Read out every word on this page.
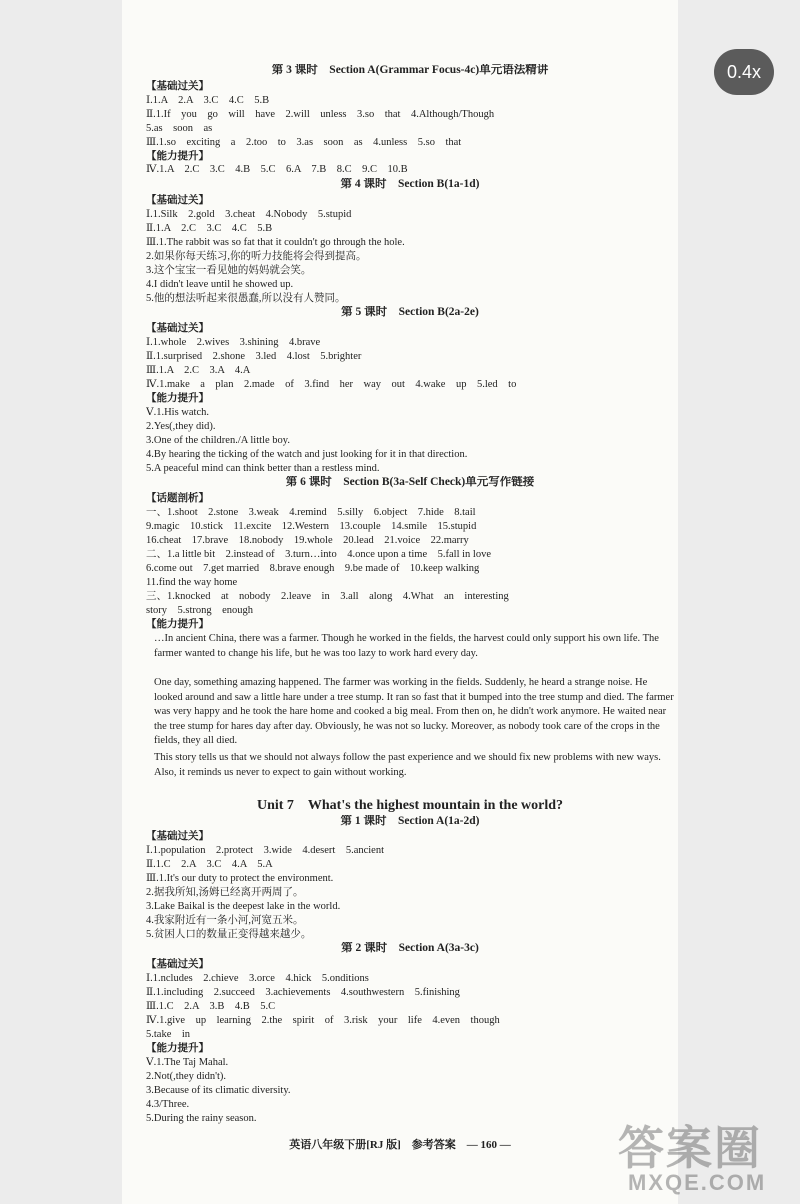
第 3 课时　Section A(Grammar Focus-4c)单元语法精讲
【基础过关】
Ⅰ.1.A　2.A　3.C　4.C　5.B
Ⅱ.1.If　you　go　will　have　2.will　unless　3.so　that　4.Although/Though
5.as　soon　as
Ⅲ.1.so　exciting　a　2.too　to　3.as　soon　as　4.unless　5.so　that
【能力提升】
Ⅳ.1.A　2.C　3.C　4.B　5.C　6.A　7.B　8.C　9.C　10.B
第 4 课时　Section B(1a-1d)
【基础过关】
Ⅰ.1.Silk　2.gold　3.cheat　4.Nobody　5.stupid
Ⅱ.1.A　2.C　3.C　4.C　5.B
Ⅲ.1.The rabbit was so fat that it couldn't go through the hole.
2.如果你每天练习,你的听力技能将会得到提高。
3.这个宝宝一看见她的妈妈就会笑。
4.I didn't leave until he showed up.
5.他的想法听起来很愚蠢,所以没有人赞同。
第 5 课时　Section B(2a-2e)
【基础过关】
Ⅰ.1.whole　2.wives　3.shining　4.brave
Ⅱ.1.surprised　2.shone　3.led　4.lost　5.brighter
Ⅲ.1.A　2.C　3.A　4.A
Ⅳ.1.make　a　plan　2.made　of　3.find　her　way　out　4.wake　up　5.led　to
【能力提升】
Ⅴ.1.His watch.
2.Yes(,they did).
3.One of the children./A little boy.
4.By hearing the ticking of the watch and just looking for it in that direction.
5.A peaceful mind can think better than a restless mind.
第 6 课时　Section B(3a-Self Check)单元写作链接
【话题剖析】
一、1.shoot　2.stone　3.weak　4.remind　5.silly　6.object　7.hide　8.tail
9.magic　10.stick　11.excite　12.Western　13.couple　14.smile　15.stupid
16.cheat　17.brave　18.nobody　19.whole　20.lead　21.voice　22.marry
二、1.a little bit　2.instead of　3.turn…into　4.once upon a time　5.fall in love
6.come out　7.get married　8.brave enough　9.be made of　10.keep walking
11.find the way home
三、1.knocked　at　nobody　2.leave　in　3.all　along　4.What　an　interesting
story　5.strong　enough
【能力提升】
Unit 7　What's the highest mountain in the world?
第 1 课时　Section A(1a-2d)
【基础过关】
Ⅰ.1.population　2.protect　3.wide　4.desert　5.ancient
Ⅱ.1.C　2.A　3.C　4.A　5.A
Ⅲ.1.It's our duty to protect the environment.
2.据我所知,汤姆已经离开两周了。
3.Lake Baikal is the deepest lake in the world.
4.我家附近有一条小河,河宽五米。
5.贫困人口的数量正变得越来越少。
第 2 课时　Section A(3a-3c)
【基础过关】
Ⅰ.1.ncludes　2.chieve　3.orce　4.hick　5.onditions
Ⅱ.1.including　2.succeed　3.achievements　4.southwestern　5.finishing
Ⅲ.1.C　2.A　3.B　4.B　5.C
Ⅳ.1.give　up　learning　2.the　spirit　of　3.risk　your　life　4.even　though
5.take　in
【能力提升】
Ⅴ.1.The Taj Mahal.
2.Not(,they didn't).
3.Because of its climatic diversity.
4.3/Three.
5.During the rainy season.
…In ancient China, there was a farmer. Though he worked in the fields, the harvest could only support his own life. The farmer wanted to change his life, but he was too lazy to work hard every day.
One day, something amazing happened. The farmer was working in the fields. Suddenly, he heard a strange noise. He looked around and saw a little hare under a tree stump. It ran so fast that it bumped into the tree stump and died. The farmer was very happy and he took the hare home and cooked a big meal. From then on, he didn't work anymore. He waited near the tree stump for hares day after day. Obviously, he was not so lucky. Moreover, as nobody took care of the crops in the fields, they all died.
This story tells us that we should not always follow the past experience and we should fix new problems with new ways. Also, it reminds us never to expect to gain without working.
0.4x
英语八年级下册[RJ 版]　参考答案　— 160 —	答案圈
MXQE.COM
